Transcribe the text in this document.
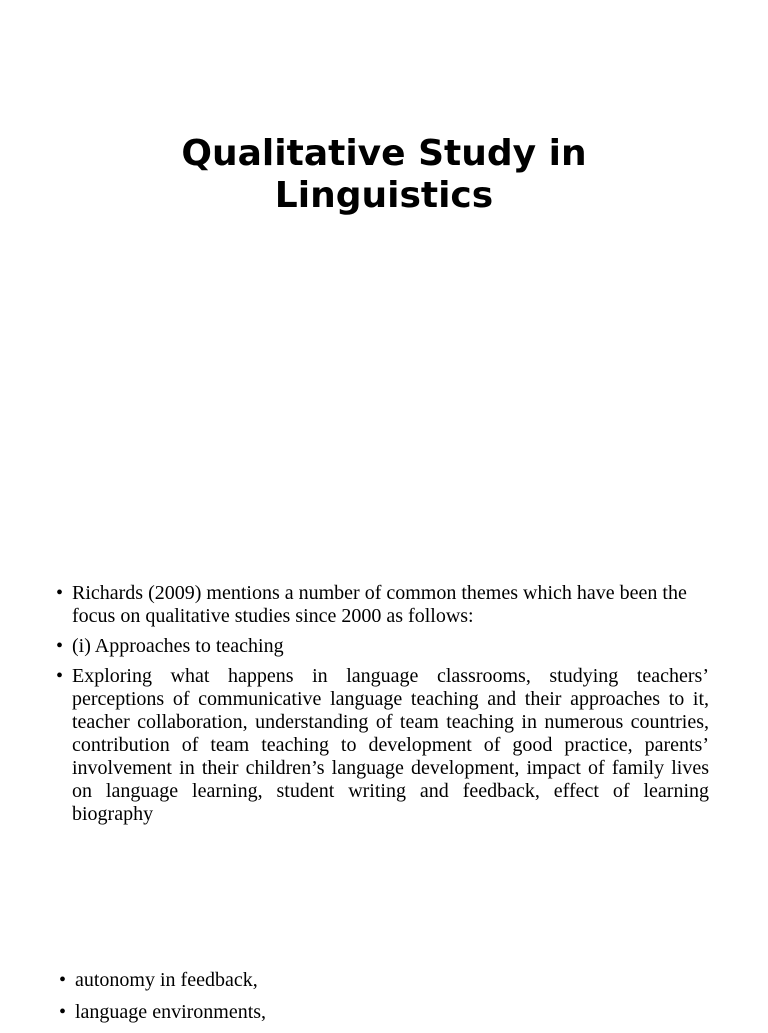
Qualitative Study in Linguistics
• Richards (2009) mentions a number of common themes which have been the focus on qualitative studies since 2000 as follows:
• (i) Approaches to teaching
• Exploring what happens in language classrooms, studying teachers’ perceptions of communicative language teaching and their approaches to it, teacher collaboration, understanding of team teaching in numerous countries, contribution of team teaching to development of good practice, parents’ involvement in their children’s language development, impact of family lives on language learning, student writing and feedback, effect of learning biography
• autonomy in feedback,
• language environments,
